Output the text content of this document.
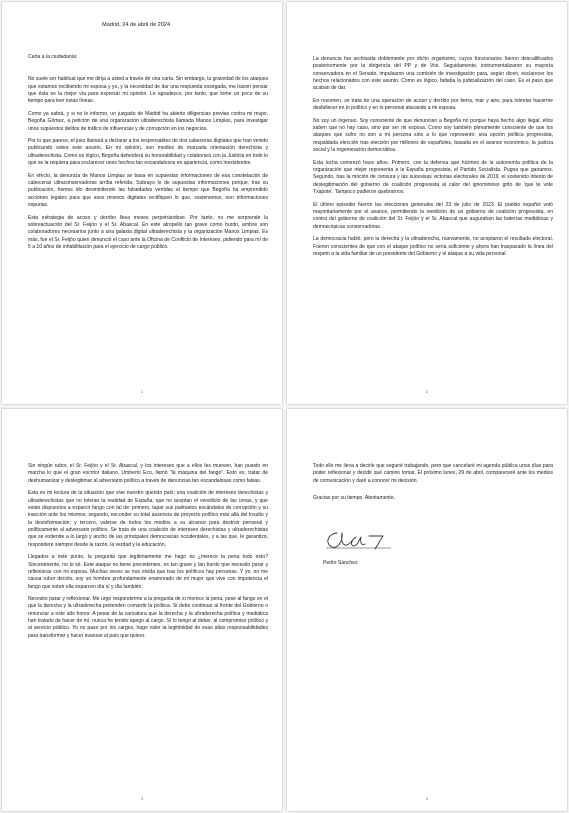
Madrid, 24 de abril de 2024

Carta a la ciudadanía:

No suele ser habitual que me dirija a usted a través de una carta. Sin embargo, la gravedad de los ataques que estamos recibiendo mi esposa y yo, y la necesidad de dar una respuesta sosegada, me hacen pensar que ésta es la mejor vía para expresar mi opinión. Le agradezco, por tanto, que tome un poco de su tiempo para leer estas líneas.

Como ya sabrá, y si no le informo, un juzgado de Madrid ha abierto diligencias previas contra mi mujer, Begoña Gómez, a petición de una organización ultraderechista llamada Manos Limpias, para investigar unos supuestos delitos de tráfico de influencias y de corrupción en los negocios.

Por lo que parece, el juez llamará a declarar a los responsables de dos cabeceras digitales que han venido publicando sobre este asunto. En mi opinión, son medios de marcada orientación derechista y ultraderechista. Como es lógico, Begoña defenderá su honorabilidad y colaborará con la Justicia en todo lo que se la requiera para esclarecer unos hechos tan escandalosos en apariencia, como inexistentes.

En efecto, la denuncia de Manos Limpias se basa en supuestas informaciones de esa constelación de cabeceras ultraconservadoras arriba referida. Subrayo lo de supuestas informaciones porque, tras su publicación, hemos ido desmintiendo las falsedades vertidas al tiempo que Begoña ha emprendido acciones legales para que esos mismos digitales rectifiquen lo que, sostenemos, son informaciones espurias.

Esta estrategia de acoso y derribo lleva meses perpetrándose. Por tanto, no me sorprende la sobreactuación del Sr. Feijóo y el Sr. Abascal. En este atropello tan grave como burdo, ambos son colaboradores necesarios junto a una galaxia digital ultraderechista y la organización Manos Limpias. Es más, fue el Sr. Feijóo quien denunció el caso ante la Oficina de Conflicto de Intereses, pidiendo para mí de 5 a 10 años de inhabilitación para el ejercicio de cargo público.

1

La denuncia fue archivada doblemente por dicho organismo, cuyos funcionarios fueron descalificados posteriormente por la dirigencia del PP y de Vox. Seguidamente, instrumentalizaron su mayoría conservadora en el Senado, impulsaron una comisión de investigación para, según dicen, esclarecer los hechos relacionados con este asunto. Como es lógico, faltaba la judicialización del caso. Es el paso que acaban de dar.

En resumen, se trata de una operación de acoso y derribo por tierra, mar y aire, para intentar hacerme desfallecer en lo político y en lo personal atacando a mi esposa.

No soy un ingenuo. Soy consciente de que denuncian a Begoña no porque haya hecho algo ilegal, ellos saben que no hay caso, sino por ser mi esposa. Como soy también plenamente consciente de que los ataques que sufro no son a mi persona sino a lo que represento: una opción política progresista, respaldada elección tras elección por millones de españoles, basada en el avance económico, la justicia social y la regeneración democrática.

Esta lucha comenzó hace años. Primero, con la defensa que hicimos de la autonomía política de la organización que mejor representa a la España progresista, el Partido Socialista. Pugna que ganamos. Segundo, tras la moción de censura y las sucesivas victorias electorales de 2019, el sostenido intento de deslegitimación del gobierno de coalición progresista al calor del ignominioso grito de 'que te vote Txapote'. Tampoco pudieron quebrarnos.

El último episodio fueron las elecciones generales del 23 de julio de 2023. El pueblo español votó mayoritariamente por el avance, permitiendo la reedición de un gobierno de coalición progresista, en contra del gobierno de coalición del Sr. Feijóo y el Sr. Abascal que auguraban las baterías mediáticas y demoscópicas conservadoras.

La democracia habló, pero la derecha y la ultraderecha, nuevamente, no aceptaron el resultado electoral. Fueron conscientes de que con el ataque político no sería suficiente y ahora han traspasado la línea del respeto a la vida familiar de un presidente del Gobierno y el ataque a su vida personal.

2

Sin ningún rubor, el Sr. Feijóo y el Sr. Abascal, y los intereses que a ellos les mueven, han puesto en marcha lo que el gran escritor italiano, Umberto Eco, llamó "la máquina del fango". Esto es, tratar de deshumanizar y deslegitimar al adversario político a través de denuncias tan escandalosas como falsas.

Esta es mi lectura de la situación que vive nuestro querido país: una coalición de intereses derechistas y ultraderechistas que no toleran la realidad de España, que no aceptan el veredicto de las urnas, y que están dispuestos a esparcir fango con tal de: primero, tapar sus palmarios escándalos de corrupción y su inacción ante los mismos; segundo, esconder su total ausencia de proyecto político más allá del insulto y la desinformación; y tercero, valerse de todos los medios a su alcance para destruir personal y políticamente al adversario político. Se trata de una coalición de intereses derechistas y ultraderechistas que se extiende a lo largo y ancho de las principales democracias occidentales, y a las que, le garantizo, responderé siempre desde la razón, la verdad y la educación.

Llegados a este punto, la pregunta que legítimamente me hago es ¿merece la pena todo esto? Sinceramente, no lo sé. Este ataque no tiene precedentes, es tan grave y tan burdo que necesito parar y reflexionar con mi esposa. Muchas veces se nos olvida que tras los políticos hay personas. Y yo, no me causa rubor decirlo, soy un hombre profundamente enamorado de mi mujer que vive con impotencia el fango que sobre ella esparcen día sí y día también.

Necesito parar y reflexionar. Me urge responderme a la pregunta de si merece la pena, pese al fango en el que la derecha y la ultraderecha pretenden convertir la política. Si debo continuar al frente del Gobierno o renunciar a este alto honor. A pesar de la caricatura que la derecha y la ultraderecha política y mediática han tratado de hacer de mí, nunca he tenido apego al cargo. Sí lo tengo al deber, al compromiso político y al servicio público. Yo no paso por los cargos, hago valer la legitimidad de esas altas responsabilidades para transformar y hacer avanzar al país que quiero.

3

Todo ello me lleva a decirle que seguiré trabajando, pero que cancelaré mi agenda pública unos días para poder reflexionar y decidir qué camino tomar. El próximo lunes, 29 de abril, compareceré ante los medios de comunicación y daré a conocer mi decisión.

Gracias por su tiempo. Atentamente,

Pedro Sánchez
4
